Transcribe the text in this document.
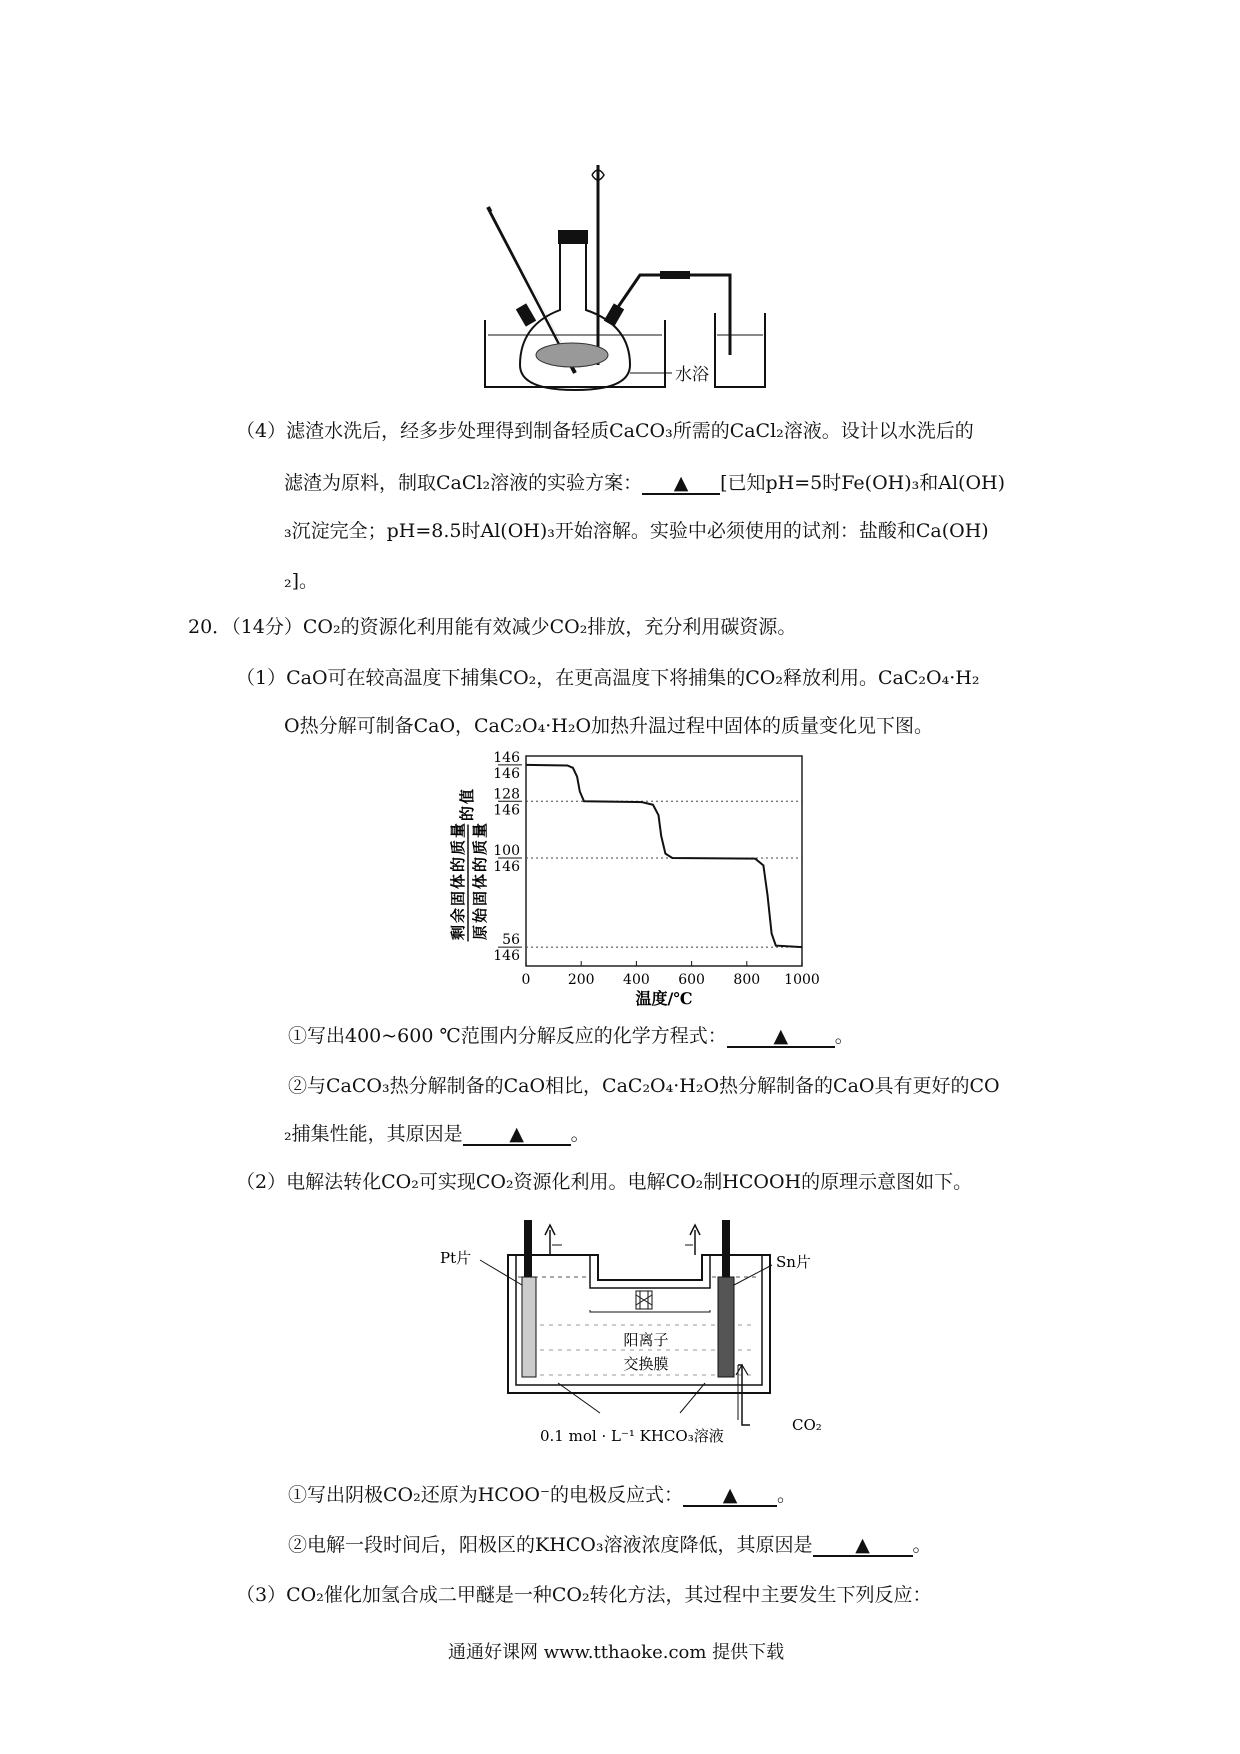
水浴
（4）滤渣水洗后，经多步处理得到制备轻质CaCO₃所需的CaCl₂溶液。设计以水洗后的
滤渣为原料，制取CaCl₂溶液的实验方案： ▲ [已知pH=5时Fe(OH)₃和Al(OH)
₃沉淀完全；pH=8.5时Al(OH)₃开始溶解。实验中必须使用的试剂：盐酸和Ca(OH)
₂]。
20．（14分）CO₂的资源化利用能有效减少CO₂排放，充分利用碳资源。
（1）CaO可在较高温度下捕集CO₂，在更高温度下将捕集的CO₂释放利用。CaC₂O₄·H₂
O热分解可制备CaO，CaC₂O₄·H₂O加热升温过程中固体的质量变化见下图。
剩
余
固
体
的
质
量
的
值
原
始
固
体
的
质
量
146
146
128
146
100
146
56
146
0	200 400 600 800 1000
温度/℃
①写出400~600 ℃范围内分解反应的化学方程式： ▲ 。
②与CaCO₃热分解制备的CaO相比，CaC₂O₄·H₂O热分解制备的CaO具有更好的CO
₂捕集性能，其原因是 ▲ 。
（2）电解法转化CO₂可实现CO₂资源化利用。电解CO₂制HCOOH的原理示意图如下。
Pt片	Sn片
阳离子
交换膜
0.1 mol · L⁻¹ KHCO₃溶液
CO₂
①写出阴极CO₂还原为HCOO⁻的电极反应式： ▲ 。
②电解一段时间后，阳极区的KHCO₃溶液浓度降低，其原因是 ▲ 。
（3）CO₂催化加氢合成二甲醚是一种CO₂转化方法，其过程中主要发生下列反应：
通通好课网 www.tthaoke.com 提供下载
